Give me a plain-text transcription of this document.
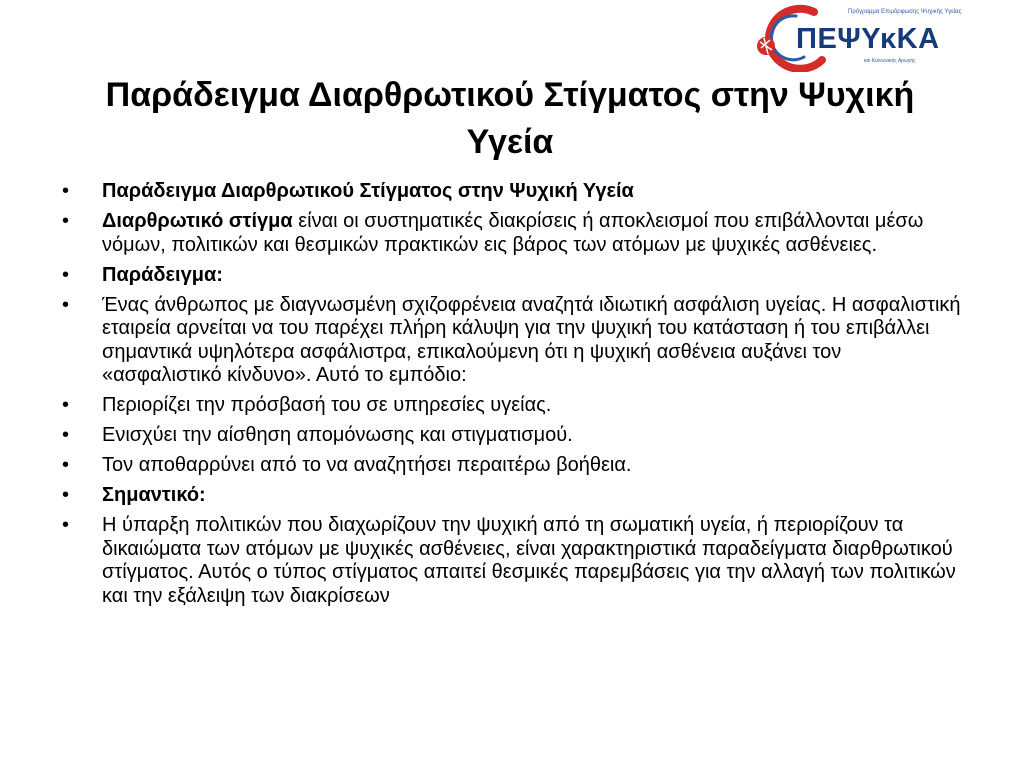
Πρόγραμμα Επιμόρφωσης Ψυχικής Υγείας
ΠΕΨΥκΚΑ
και Κοινωνικής Αρωγής
Παράδειγμα Διαρθρωτικού Στίγματος στην Ψυχική Υγεία
•	Παράδειγμα Διαρθρωτικού Στίγματος στην Ψυχική Υγεία
•	Διαρθρωτικό στίγμα είναι οι συστηματικές διακρίσεις ή αποκλεισμοί που επιβάλλονται μέσω νόμων, πολιτικών και θεσμικών πρακτικών εις βάρος των ατόμων με ψυχικές ασθένειες.
•	Παράδειγμα:
•	Ένας άνθρωπος με διαγνωσμένη σχιζοφρένεια αναζητά ιδιωτική ασφάλιση υγείας. Η ασφαλιστική εταιρεία αρνείται να του παρέχει πλήρη κάλυψη για την ψυχική του κατάσταση ή του επιβάλλει σημαντικά υψηλότερα ασφάλιστρα, επικαλούμενη ότι η ψυχική ασθένεια αυξάνει τον «ασφαλιστικό κίνδυνο». Αυτό το εμπόδιο:
•	Περιορίζει την πρόσβασή του σε υπηρεσίες υγείας.
•	Ενισχύει την αίσθηση απομόνωσης και στιγματισμού.
•	Τον αποθαρρύνει από το να αναζητήσει περαιτέρω βοήθεια.
•	Σημαντικό:
•	Η ύπαρξη πολιτικών που διαχωρίζουν την ψυχική από τη σωματική υγεία, ή περιορίζουν τα δικαιώματα των ατόμων με ψυχικές ασθένειες, είναι χαρακτηριστικά παραδείγματα διαρθρωτικού στίγματος. Αυτός ο τύπος στίγματος απαιτεί θεσμικές παρεμβάσεις για την αλλαγή των πολιτικών και την εξάλειψη των διακρίσεων
